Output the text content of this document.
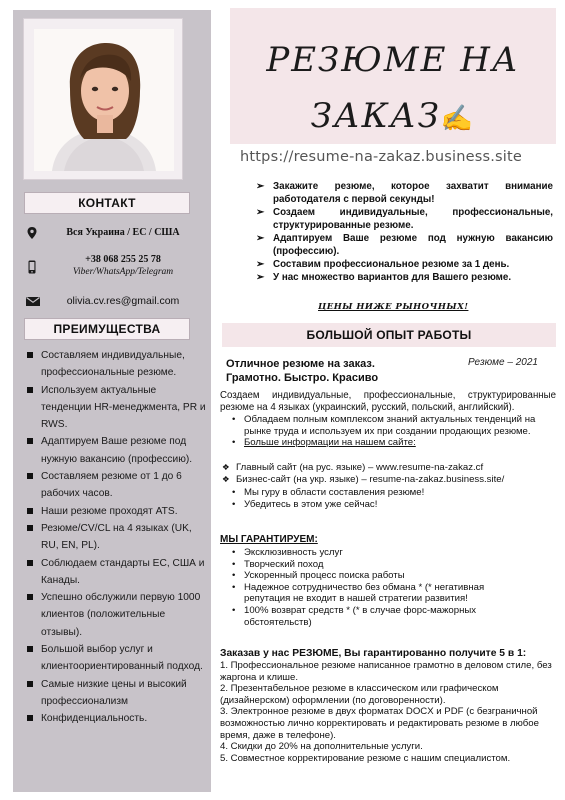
КОНТАКТ
Вся Украина / ЕС / США
+38 068 255 25 78
Viber/WhatsApp/Telegram
olivia.cv.res@gmail.com
ПРЕИМУЩЕСТВА
Составляем индивидуальные, профессиональные резюме.
Используем актуальные тенденции HR-менеджмента, PR и RWS.
Адаптируем Ваше резюме под нужную вакансию (профессию).
Составляем резюме от 1 до 6 рабочих часов.
Наши резюме проходят ATS.
Резюме/CV/CL на 4 языках (UK, RU, EN, PL).
Соблюдаем стандарты ЕС, США и Канады.
Успешно обслужили первую 1000 клиентов (положительные отзывы).
Большой выбор услуг и клиентоориентированный подход.
Самые низкие цены и высокий профессионализм
Конфиденциальность.
РЕЗЮМЕ НА
ЗАКАЗ✍
https://resume-na-zakaz.business.site
➢ Закажите резюме, которое захватит внимание работодателя с первой секунды!
➢ Создаем индивидуальные, профессиональные, структурированные резюме.
➢ Адаптируем Ваше резюме под нужную вакансию (профессию).
➢ Составим профессиональное резюме за 1 день.
➢ У нас множество вариантов для Вашего резюме.
ЦЕНЫ НИЖЕ РЫНОЧНЫХ!
БОЛЬШОЙ ОПЫТ РАБОТЫ
Отличное резюме на заказ.
Грамотно. Быстро. Красиво
Резюме – 2021
Создаем индивидуальные, профессиональные, структурированные резюме на 4 языках (украинский, русский, польский, английский).
• Обладаем полным комплексом знаний актуальных тенденций на рынке труда и используем их при создании продающих резюме.
• Больше информации на нашем сайте:
❖ Главный сайт (на рус. языке) – www.resume-na-zakaz.cf
❖ Бизнес-сайт (на укр. языке) – resume-na-zakaz.business.site/
• Мы гуру в области составления резюме!
• Убедитесь в этом уже сейчас!
МЫ ГАРАНТИРУЕМ:
• Эксклюзивность услуг
• Творческий поход
• Ускоренный процесс поиска работы
• Надежное сотрудничество без обмана * (* негативная репутация не входит в нашей стратегии развития!
• 100% возврат средств * (* в случае форс-мажорных обстоятельств)
Заказав у нас РЕЗЮМЕ, Вы гарантированно получите 5 в 1:
1. Профессиональное резюме написанное грамотно в деловом стиле, без жаргона и клише.
2. Презентабельное резюме в классическом или графическом (дизайнерском) оформлении (по договоренности).
3. Электронное резюме в двух форматах DOCX и PDF (с безграничной возможностью лично корректировать и редактировать резюме в любое время, даже в телефоне).
4. Скидки до 20% на дополнительные услуги.
5. Совместное корректирование резюме с нашим специалистом.
